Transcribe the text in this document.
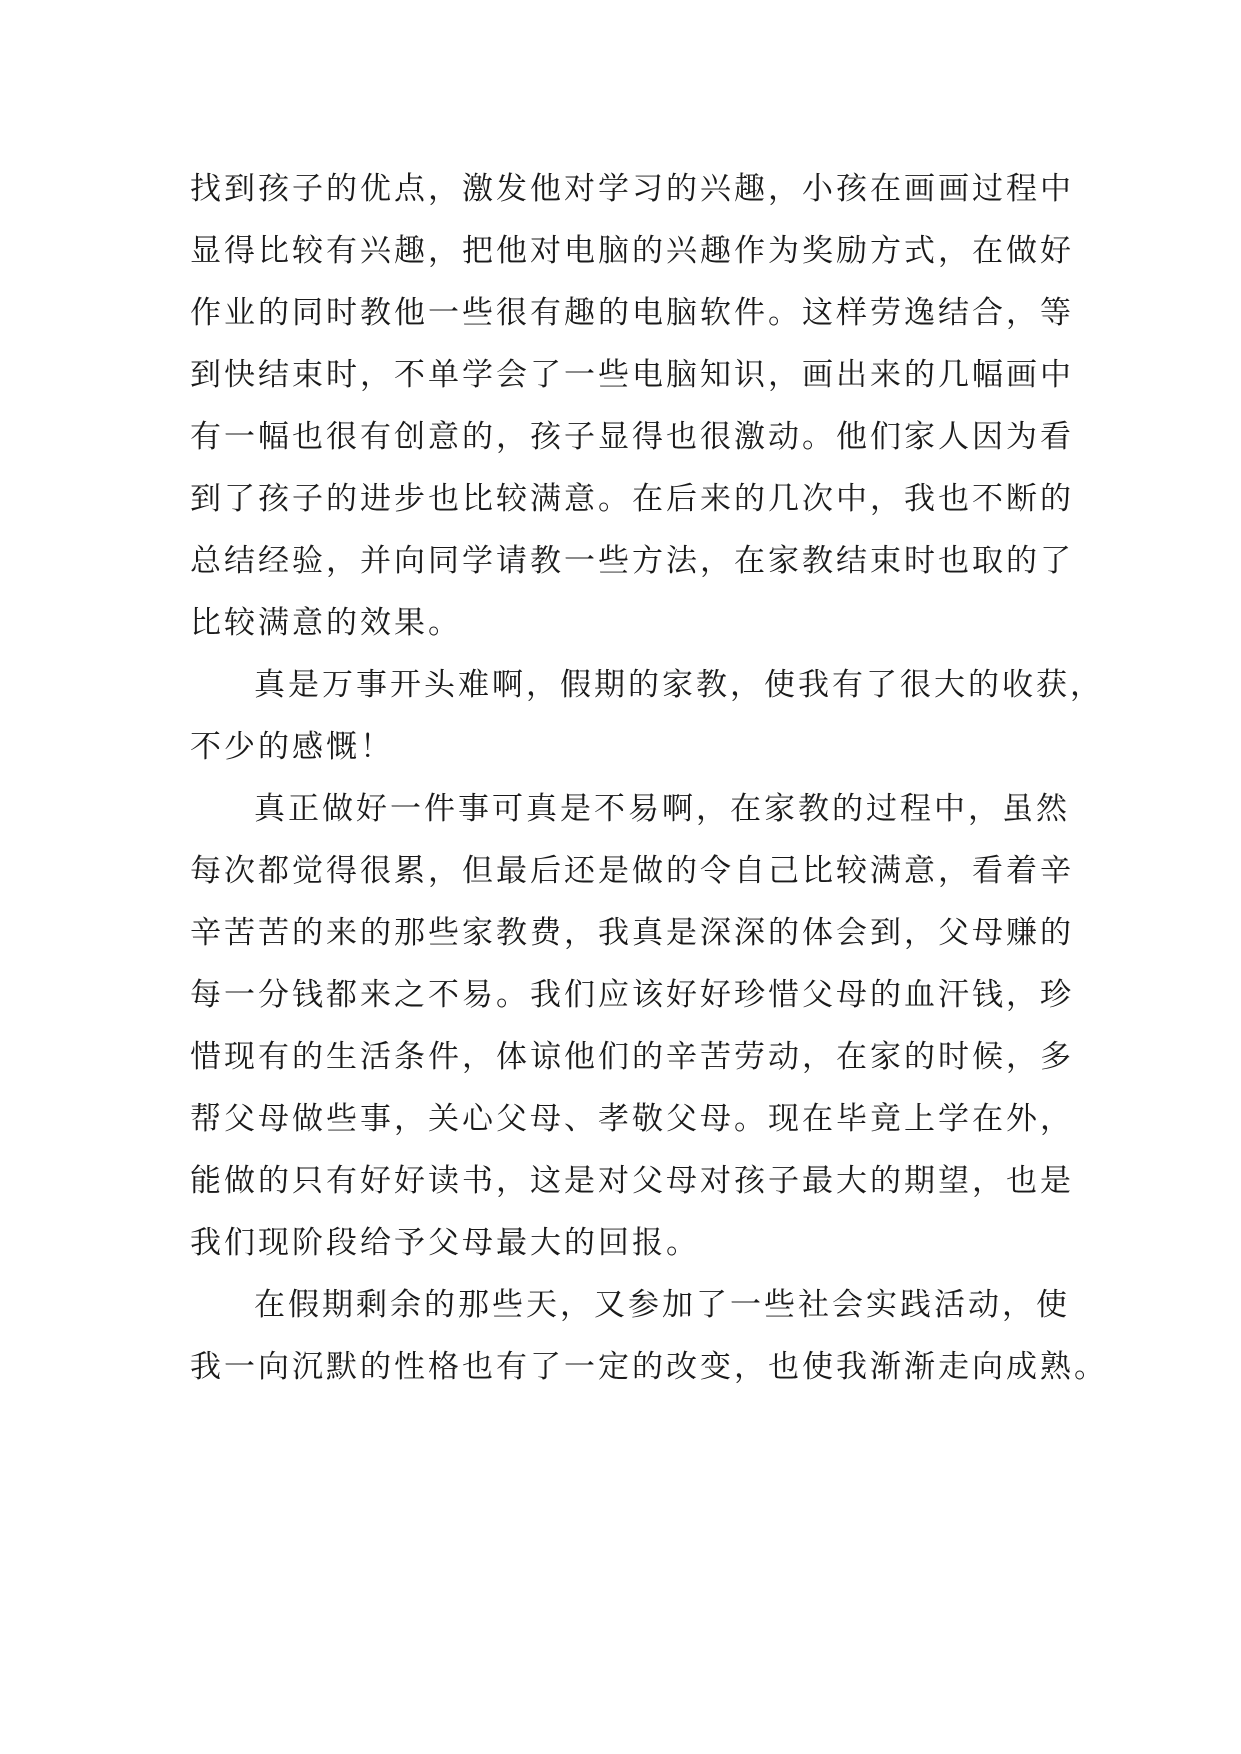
找到孩子的优点，激发他对学习的兴趣，小孩在画画过程中
显得比较有兴趣，把他对电脑的兴趣作为奖励方式，在做好
作业的同时教他一些很有趣的电脑软件。这样劳逸结合，等
到快结束时，不单学会了一些电脑知识，画出来的几幅画中
有一幅也很有创意的，孩子显得也很激动。他们家人因为看
到了孩子的进步也比较满意。在后来的几次中，我也不断的
总结经验，并向同学请教一些方法，在家教结束时也取的了
比较满意的效果。
真是万事开头难啊，假期的家教，使我有了很大的收获，
不少的感慨！
真正做好一件事可真是不易啊，在家教的过程中，虽然
每次都觉得很累，但最后还是做的令自己比较满意，看着辛
辛苦苦的来的那些家教费，我真是深深的体会到，父母赚的
每一分钱都来之不易。我们应该好好珍惜父母的血汗钱，珍
惜现有的生活条件，体谅他们的辛苦劳动，在家的时候，多
帮父母做些事，关心父母、孝敬父母。现在毕竟上学在外，
能做的只有好好读书，这是对父母对孩子最大的期望，也是
我们现阶段给予父母最大的回报。
在假期剩余的那些天，又参加了一些社会实践活动，使
我一向沉默的性格也有了一定的改变，也使我渐渐走向成熟。
